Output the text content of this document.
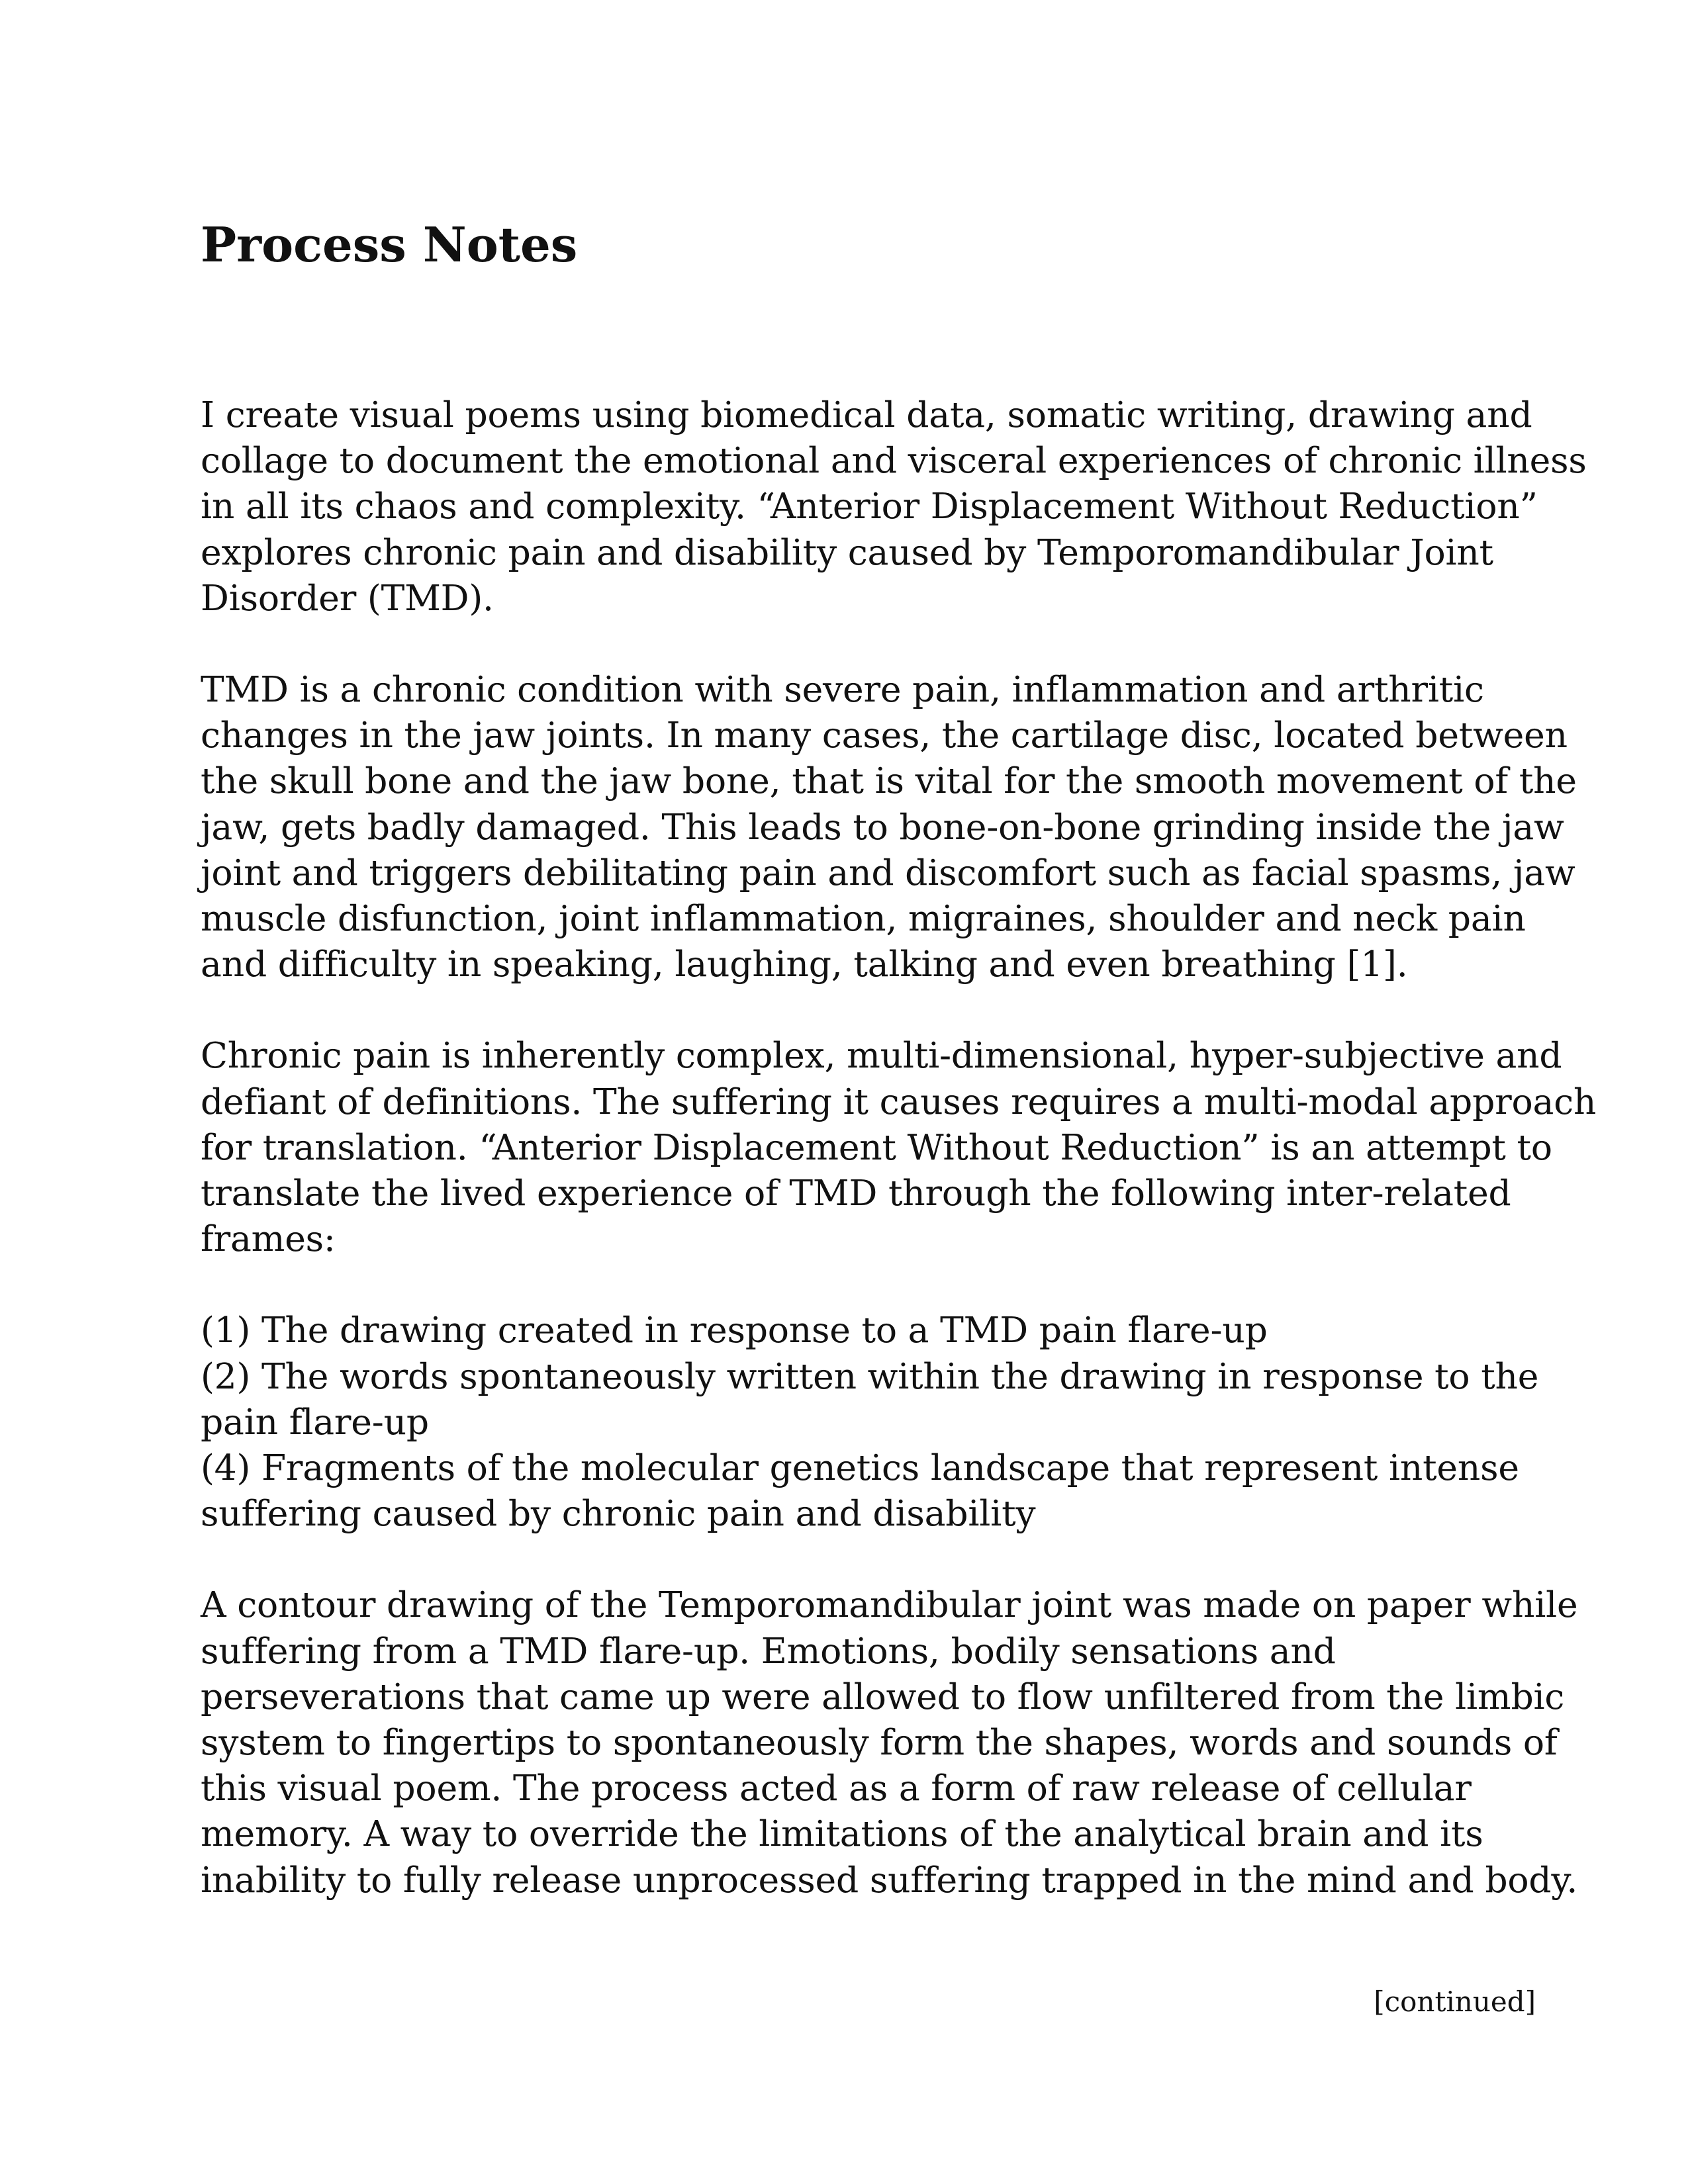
Process Notes

I create visual poems using biomedical data, somatic writing, drawing and collage to document the emotional and visceral experiences of chronic illness in all its chaos and complexity. “Anterior Displacement Without Reduction” explores chronic pain and disability caused by Temporomandibular Joint Disorder (TMD).

TMD is a chronic condition with severe pain, inflammation and arthritic changes in the jaw joints. In many cases, the cartilage disc, located between the skull bone and the jaw bone, that is vital for the smooth movement of the jaw, gets badly damaged. This leads to bone-on-bone grinding inside the jaw joint and triggers debilitating pain and discomfort such as facial spasms, jaw muscle disfunction, joint inflammation, migraines, shoulder and neck pain and difficulty in speaking, laughing, talking and even breathing [1].

Chronic pain is inherently complex, multi-dimensional, hyper-subjective and defiant of definitions. The suffering it causes requires a multi-modal approach for translation. “Anterior Displacement Without Reduction” is an attempt to translate the lived experience of TMD through the following inter-related frames:

(1) The drawing created in response to a TMD pain flare-up
(2) The words spontaneously written within the drawing in response to the pain flare-up
(4) Fragments of the molecular genetics landscape that represent intense suffering caused by chronic pain and disability

A contour drawing of the Temporomandibular joint was made on paper while suffering from a TMD flare-up. Emotions, bodily sensations and perseverations that came up were allowed to flow unfiltered from the limbic system to fingertips to spontaneously form the shapes, words and sounds of this visual poem. The process acted as a form of raw release of cellular memory. A way to override the limitations of the analytical brain and its inability to fully release unprocessed suffering trapped in the mind and body.

[continued]
